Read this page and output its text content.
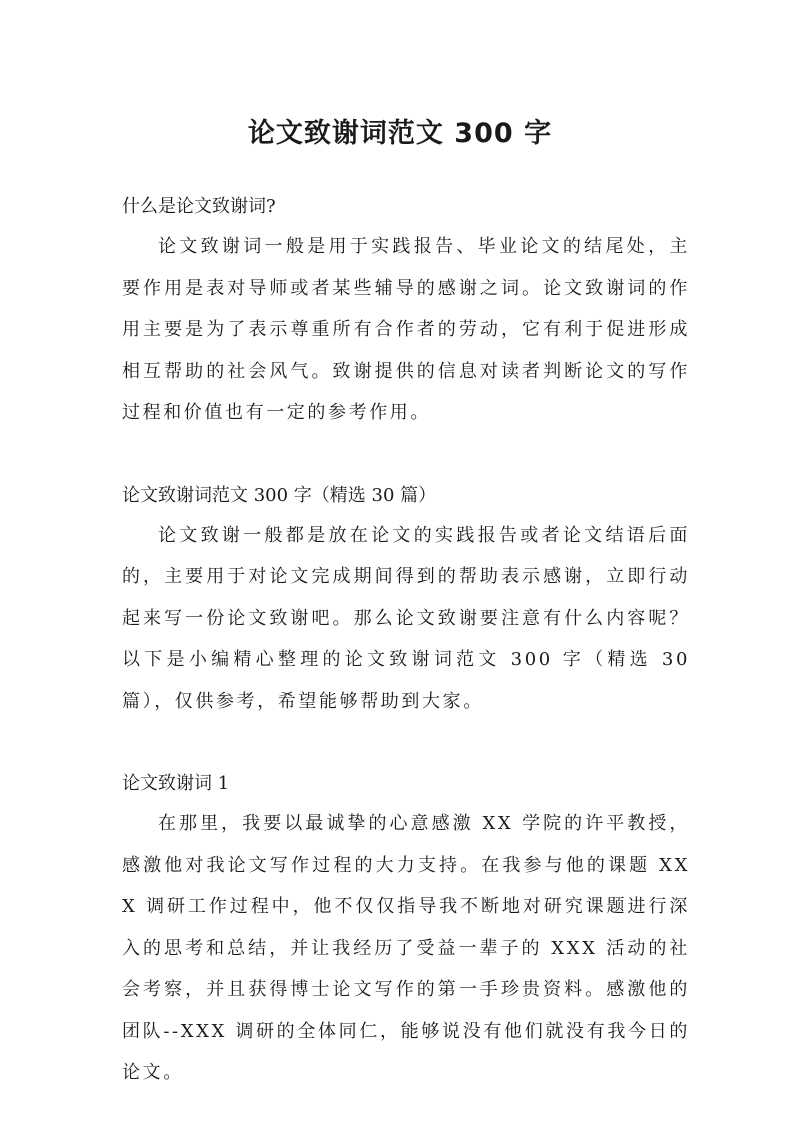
论文致谢词范文 300 字

什么是论文致谢词?

论文致谢词一般是用于实践报告、毕业论文的结尾处，主要作用是表对导师或者某些辅导的感谢之词。论文致谢词的作用主要是为了表示尊重所有合作者的劳动，它有利于促进形成相互帮助的社会风气。致谢提供的信息对读者判断论文的写作过程和价值也有一定的参考作用。

论文致谢词范文 300 字（精选 30 篇）

论文致谢一般都是放在论文的实践报告或者论文结语后面的，主要用于对论文完成期间得到的帮助表示感谢，立即行动起来写一份论文致谢吧。那么论文致谢要注意有什么内容呢？以下是小编精心整理的论文致谢词范文 300 字（精选 30 篇），仅供参考，希望能够帮助到大家。

论文致谢词 1

在那里，我要以最诚挚的心意感激 XX 学院的许平教授，感激他对我论文写作过程的大力支持。在我参与他的课题 XXX 调研工作过程中，他不仅仅指导我不断地对研究课题进行深入的思考和总结，并让我经历了受益一辈子的 XXX 活动的社会考察，并且获得博士论文写作的第一手珍贵资料。感激他的团队--XXX 调研的全体同仁，能够说没有他们就没有我今日的论文。
